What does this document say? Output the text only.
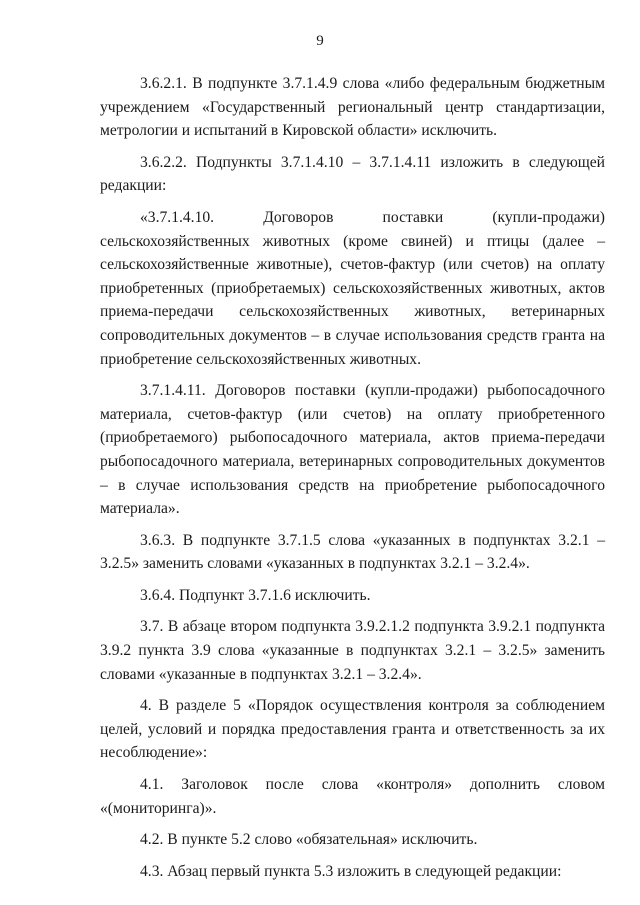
9

3.6.2.1. В подпункте 3.7.1.4.9 слова «либо федеральным бюджетным учреждением «Государственный региональный центр стандартизации, метрологии и испытаний в Кировской области» исключить.

3.6.2.2. Подпункты 3.7.1.4.10 – 3.7.1.4.11 изложить в следующей редакции:

«3.7.1.4.10. Договоров поставки (купли-продажи) сельскохозяйственных животных (кроме свиней) и птицы (далее – сельскохозяйственные животные), счетов-фактур (или счетов) на оплату приобретенных (приобретаемых) сельскохозяйственных животных, актов приема-передачи сельскохозяйственных животных, ветеринарных сопроводительных документов – в случае использования средств гранта на приобретение сельскохозяйственных животных.

3.7.1.4.11. Договоров поставки (купли-продажи) рыбопосадочного материала, счетов-фактур (или счетов) на оплату приобретенного (приобретаемого) рыбопосадочного материала, актов приема-передачи рыбопосадочного материала, ветеринарных сопроводительных документов – в случае использования средств на приобретение рыбопосадочного материала».

3.6.3. В подпункте 3.7.1.5 слова «указанных в подпунктах 3.2.1 – 3.2.5» заменить словами «указанных в подпунктах 3.2.1 – 3.2.4».

3.6.4. Подпункт 3.7.1.6 исключить.

3.7. В абзаце втором подпункта 3.9.2.1.2 подпункта 3.9.2.1 подпункта 3.9.2 пункта 3.9 слова «указанные в подпунктах 3.2.1 – 3.2.5» заменить словами «указанные в подпунктах 3.2.1 – 3.2.4».

4. В разделе 5 «Порядок осуществления контроля за соблюдением целей, условий и порядка предоставления гранта и ответственность за их несоблюдение»:

4.1. Заголовок после слова «контроля» дополнить словом «(мониторинга)».

4.2. В пункте 5.2 слово «обязательная» исключить.

4.3. Абзац первый пункта 5.3 изложить в следующей редакции:
